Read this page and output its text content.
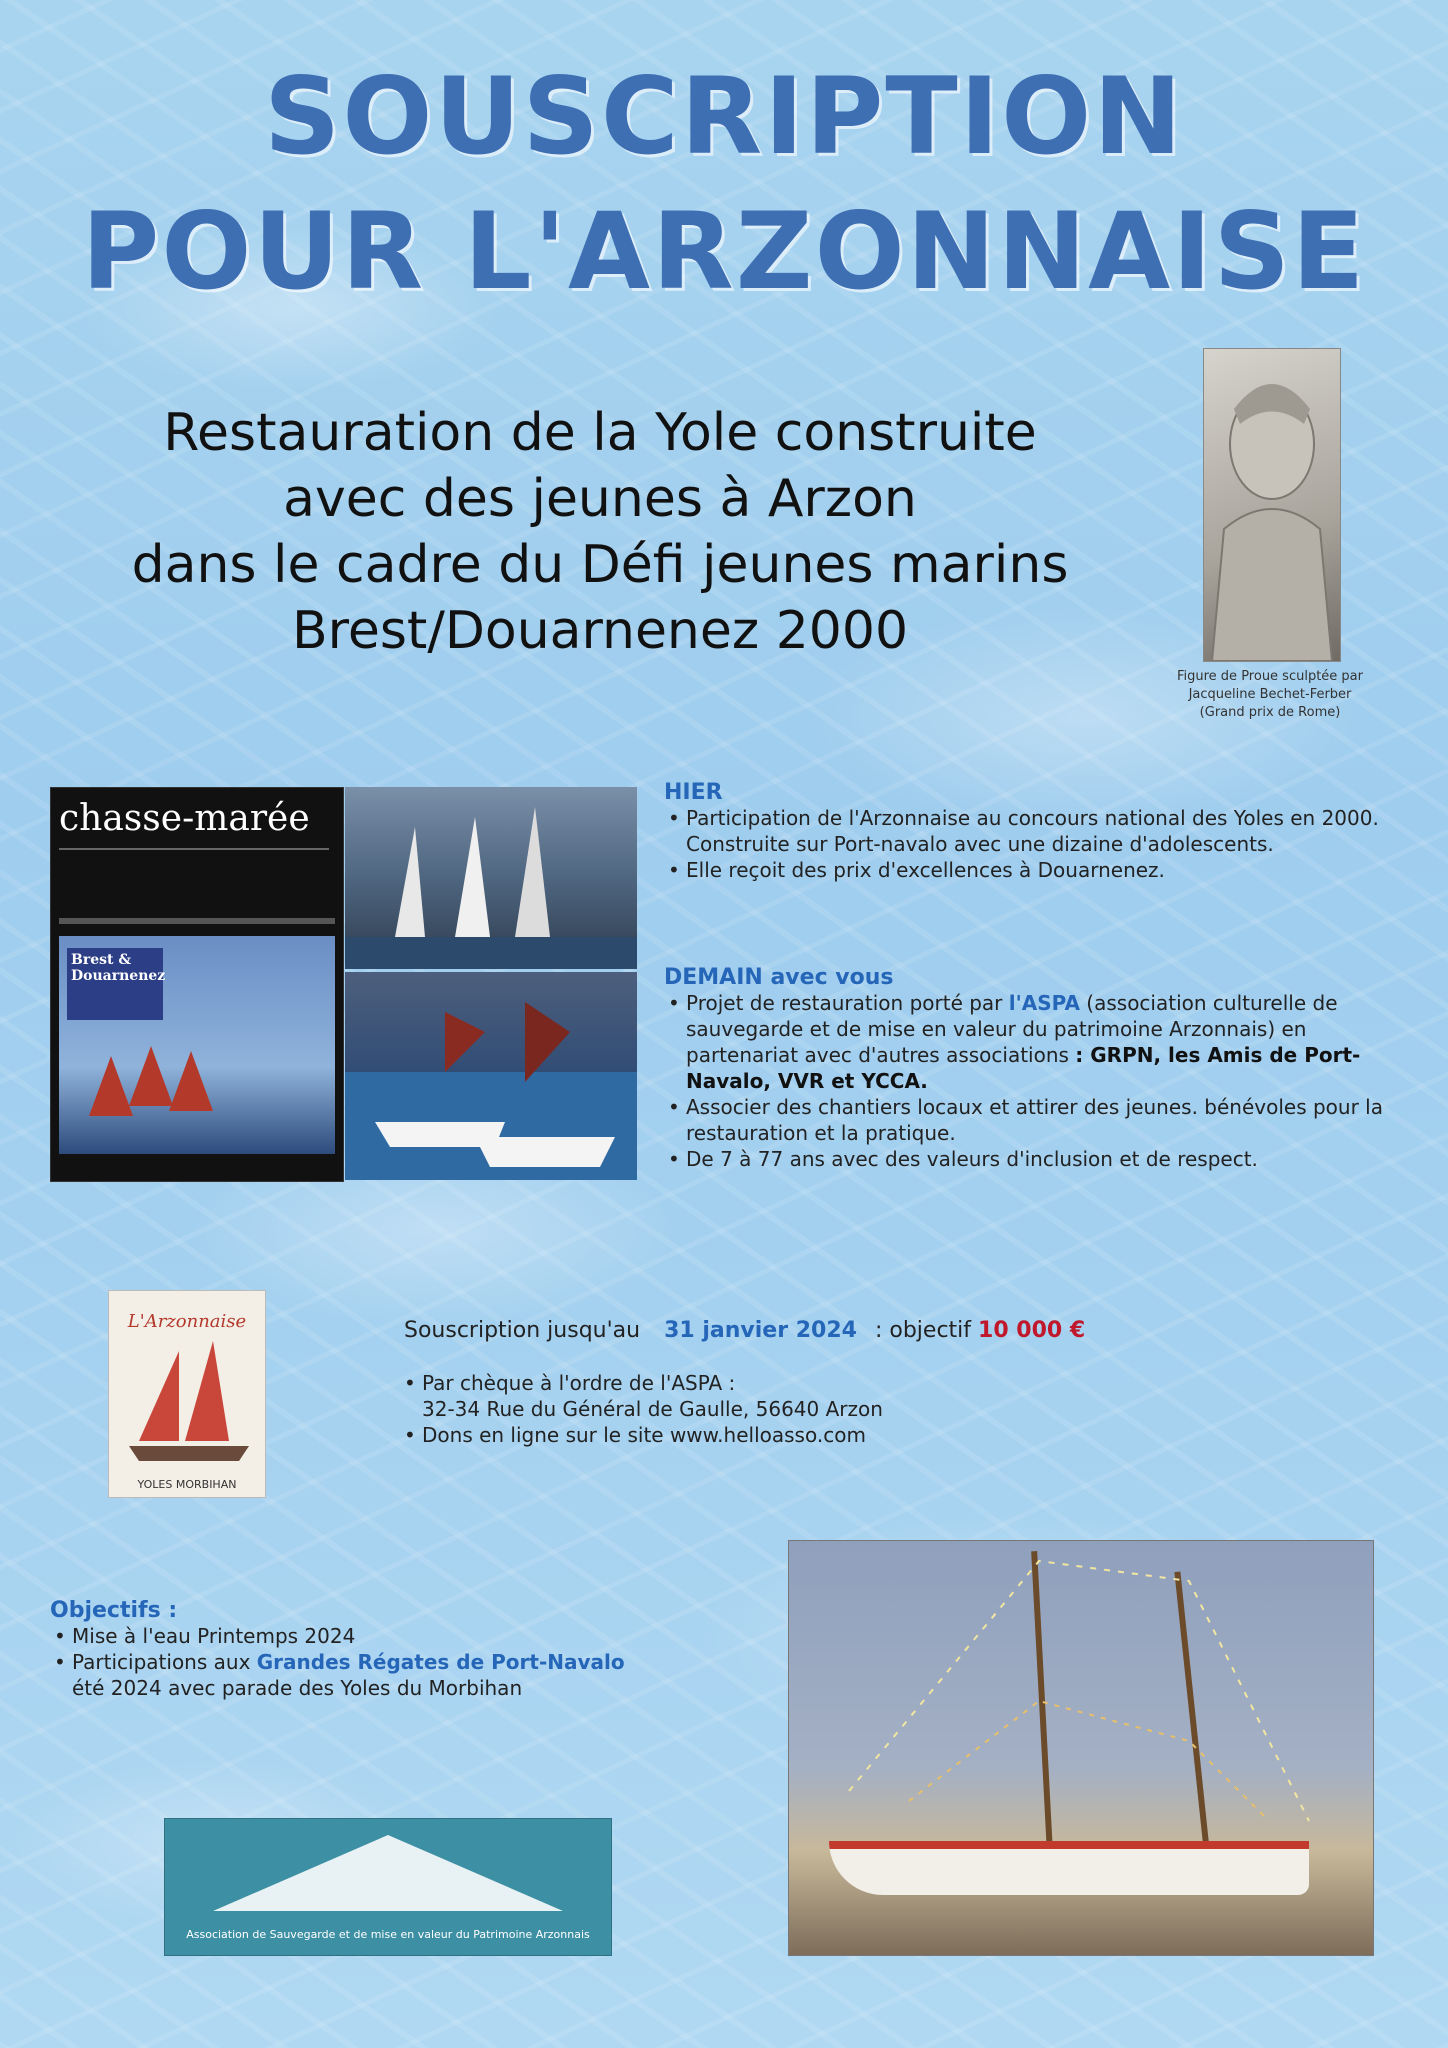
SOUSCRIPTION
POUR L'ARZONNAISE
Restauration de la Yole construite
avec des jeunes à Arzon
dans le cadre du Défi jeunes marins
Brest/Douarnenez 2000
Figure de Proue sculptée par
Jacqueline Bechet-Ferber
(Grand prix de Rome)
chasse-marée
Brest & Douarnenez
HIER
• Participation de l'Arzonnaise au concours national des Yoles en 2000. Construite sur Port-navalo avec une dizaine d'adolescents.
• Elle reçoit des prix d'excellences à Douarnenez.
DEMAIN avec vous
• Projet de restauration porté par l'ASPA (association culturelle de sauvegarde et de mise en valeur du patrimoine Arzonnais) en partenariat avec d'autres associations : GRPN, les Amis de Port-Navalo, VVR et YCCA.
• Associer des chantiers locaux et attirer des jeunes. bénévoles pour la restauration et la pratique.
• De 7 à 77 ans avec des valeurs d'inclusion et de respect.
L'Arzonnaise
YOLES MORBIHAN
Souscription jusqu'au 31 janvier 2024 : objectif 10 000 €
• Par chèque à l'ordre de l'ASPA :
32-34 Rue du Général de Gaulle, 56640 Arzon
• Dons en ligne sur le site www.helloasso.com
Objectifs :
• Mise à l'eau Printemps 2024
• Participations aux Grandes Régates de Port-Navalo
été 2024 avec parade des Yoles du Morbihan
Association de Sauvegarde et de mise en valeur du Patrimoine Arzonnais
